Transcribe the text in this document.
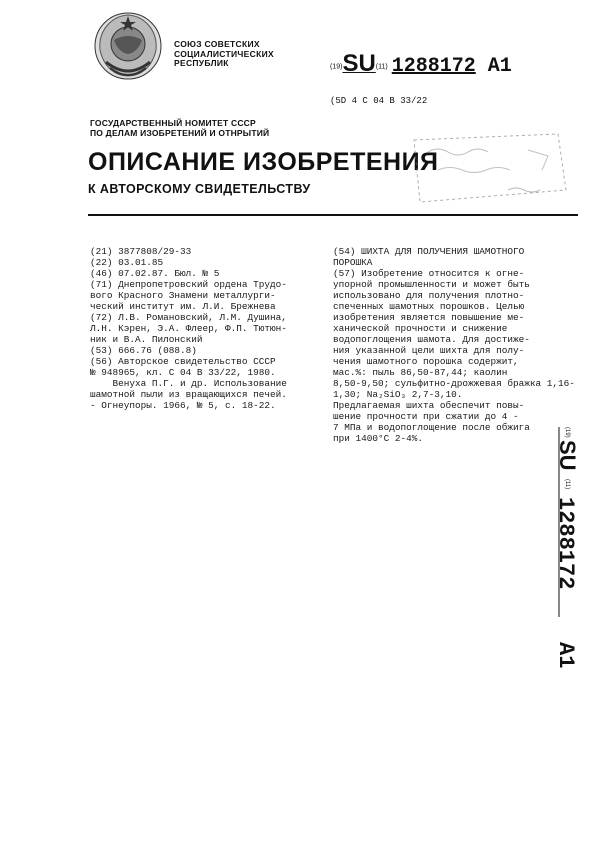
СОЮЗ СОВЕТСКИХ
СОЦИАЛИСТИЧЕСКИХ
РЕСПУБЛИК	(19)SU(11) 1288172 A1
(5D 4 С 04 В 33/22
ГОСУДАРСТВЕННЫЙ НОМИТЕТ СССР
ПО ДЕЛАМ ИЗОБРЕТЕНИЙ И ОТНРЫТИЙ
ОПИСАНИЕ ИЗОБРЕТЕНИЯ
К АВТОРСКОМУ СВИДЕТЕЛЬСТВУ

(21) 3877808/29-33

(22) 03.01.85

(46) 07.02.87. Бюл. № 5

(71) Днепропетровский ордена Трудо-

вого Красного Знамени металлурги-

ческий институт им. Л.И. Брежнева

(72) Л.В. Романовский, Л.М. Душина,

Л.Н. Кэрен, Э.А. Флеер, Ф.П. Тютюн-

ник и В.А. Пилонский

(53) 666.76 (088.8)

(56) Авторское свидетельство СССР

№ 948965, кл. С 04 В 33/22, 1980.

Венуха П.Г. и др. Использование

шамотной пыли из вращающихся печей.

- Огнеупоры. 1966, № 5, с. 18-22.

(54) ШИХТА ДЛЯ ПОЛУЧЕНИЯ ШАМОТНОГО

ПОРОШКА

(57) Изобретение относится к огне-

упорной промышленности и может быть

использовано для получения плотно-

спеченных шамотных порошков. Целью

изобретения является повышение ме-

ханической прочности и снижение

водопоглощения шамота. Для достиже-

ния указанной цели шихта для полу-

чения шамотного порошка содержит,

мас.%: пыль 86,50-87,44; каолин

8,50-9,50; сульфитно-дрожжевая бражка 1,16-1,30; Na₂SiO₃ 2,7-3,10.

Предлагаемая шихта обеспечит повы-

шение прочности при сжатии до 4 -

7 МПа и водопоглощение после обжига

при 1400°С 2-4%.

(19)
SU
(11)
1288172
A1
